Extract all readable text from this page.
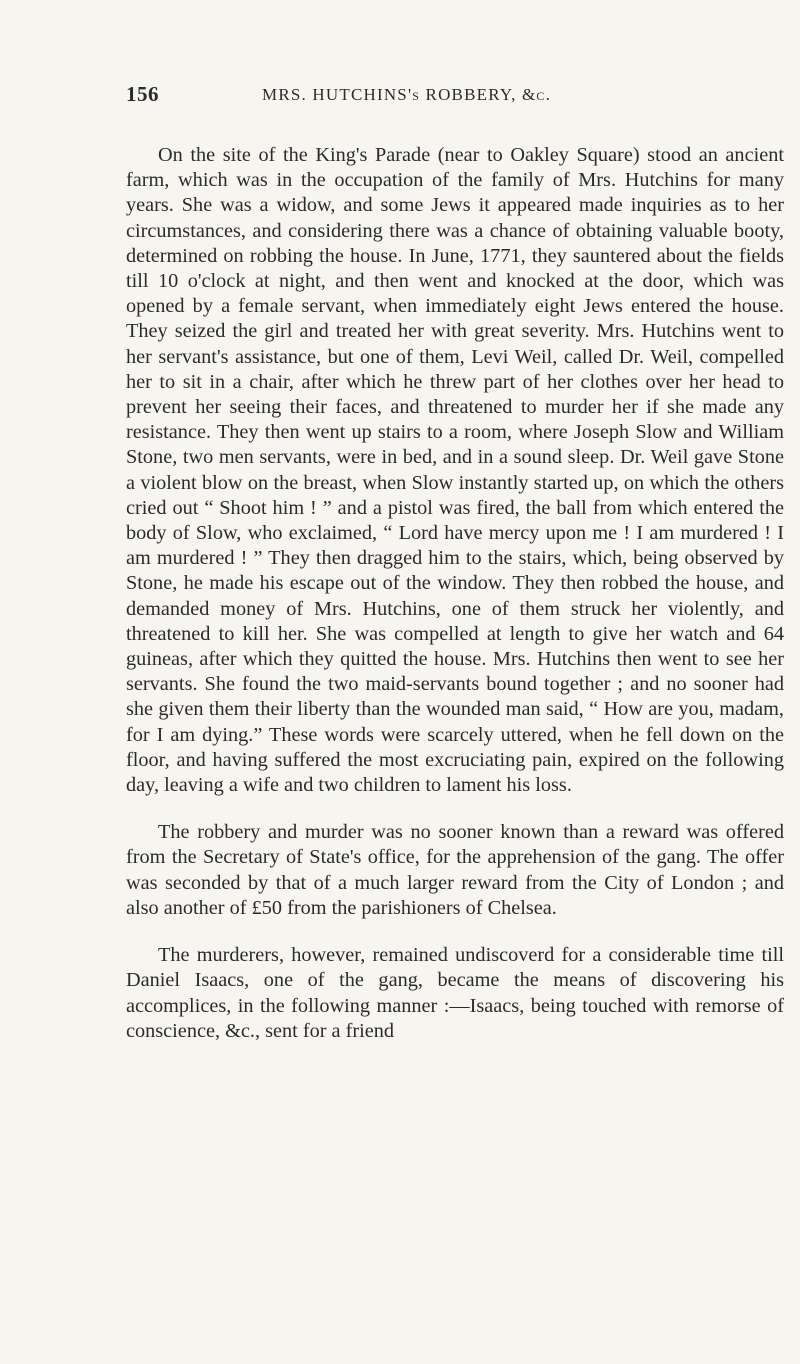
156	MRS. HUTCHINS's ROBBERY, &c.

On the site of the King's Parade (near to Oakley Square) stood an ancient farm, which was in the occupation of the family of Mrs. Hutchins for many years. She was a widow, and some Jews it appeared made inquiries as to her circumstances, and considering there was a chance of obtaining valuable booty, determined on robbing the house. In June, 1771, they sauntered about the fields till 10 o'clock at night, and then went and knocked at the door, which was opened by a female servant, when immediately eight Jews entered the house. They seized the girl and treated her with great severity. Mrs. Hutchins went to her servant's assistance, but one of them, Levi Weil, called Dr. Weil, compelled her to sit in a chair, after which he threw part of her clothes over her head to prevent her seeing their faces, and threatened to murder her if she made any resistance. They then went up stairs to a room, where Joseph Slow and William Stone, two men servants, were in bed, and in a sound sleep. Dr. Weil gave Stone a violent blow on the breast, when Slow instantly started up, on which the others cried out “ Shoot him ! ” and a pistol was fired, the ball from which entered the body of Slow, who exclaimed, “ Lord have mercy upon me ! I am murdered ! I am murdered ! ” They then dragged him to the stairs, which, being observed by Stone, he made his escape out of the window. They then robbed the house, and demanded money of Mrs. Hutchins, one of them struck her violently, and threatened to kill her. She was compelled at length to give her watch and 64 guineas, after which they quitted the house. Mrs. Hutchins then went to see her servants. She found the two maid-servants bound together ; and no sooner had she given them their liberty than the wounded man said, “ How are you, madam, for I am dying.” These words were scarcely uttered, when he fell down on the floor, and having suffered the most excruciating pain, expired on the following day, leaving a wife and two children to lament his loss.

The robbery and murder was no sooner known than a reward was offered from the Secretary of State's office, for the apprehension of the gang. The offer was seconded by that of a much larger reward from the City of London ; and also another of £50 from the parishioners of Chelsea.

The murderers, however, remained undiscoverd for a considerable time till Daniel Isaacs, one of the gang, became the means of discovering his accomplices, in the following manner :—Isaacs, being touched with remorse of conscience, &c., sent for a friend
